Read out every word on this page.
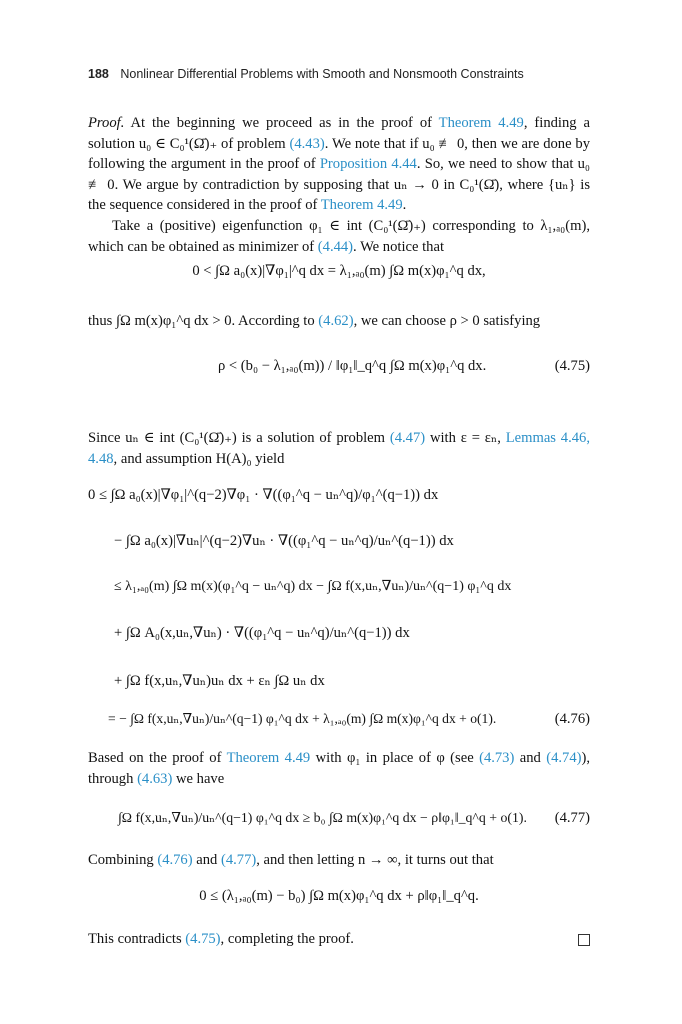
188 Nonlinear Differential Problems with Smooth and Nonsmooth Constraints

Proof. At the beginning we proceed as in the proof of Theorem 4.49, finding a solution u₀ ∈ C₀¹(Ω̄)₊ of problem (4.43). We note that if u₀ ≢ 0, then we are done by following the argument in the proof of Proposition 4.44. So, we need to show that u₀ ≢ 0. We argue by contradiction by supposing that uₙ → 0 in C₀¹(Ω̄), where {uₙ} is the sequence considered in the proof of Theorem 4.49.

Take a (positive) eigenfunction φ₁ ∈ int (C₀¹(Ω̄)₊) corresponding to λ₁,ₐ₀(m), which can be obtained as minimizer of (4.44). We notice that

0 < ∫Ω a₀(x)|∇φ₁|^q dx = λ₁,ₐ₀(m) ∫Ω m(x)φ₁^q dx,

thus ∫Ω m(x)φ₁^q dx > 0. According to (4.62), we can choose ρ > 0 satisfying

ρ < (b₀ − λ₁,ₐ₀(m)) / ‖φ₁‖_q^q ∫Ω m(x)φ₁^q dx.	(4.75)

Since uₙ ∈ int (C₀¹(Ω̄)₊) is a solution of problem (4.47) with ε = εₙ, Lemmas 4.46, 4.48, and assumption H(A)₀ yield

0 ≤ ∫Ω a₀(x)|∇φ₁|^(q−2)∇φ₁ · ∇((φ₁^q − uₙ^q)/φ₁^(q−1)) dx
− ∫Ω a₀(x)|∇uₙ|^(q−2)∇uₙ · ∇((φ₁^q − uₙ^q)/uₙ^(q−1)) dx
≤ λ₁,ₐ₀(m) ∫Ω m(x)(φ₁^q − uₙ^q) dx − ∫Ω f(x,uₙ,∇uₙ)/uₙ^(q−1) φ₁^q dx
+ ∫Ω A₀(x,uₙ,∇uₙ) · ∇((φ₁^q − uₙ^q)/uₙ^(q−1)) dx
+ ∫Ω f(x,uₙ,∇uₙ)uₙ dx + εₙ ∫Ω uₙ dx
= − ∫Ω f(x,uₙ,∇uₙ)/uₙ^(q−1) φ₁^q dx + λ₁,ₐ₀(m) ∫Ω m(x)φ₁^q dx + o(1).	(4.76)

Based on the proof of Theorem 4.49 with φ₁ in place of φ (see (4.73) and (4.74)), through (4.63) we have

∫Ω f(x,uₙ,∇uₙ)/uₙ^(q−1) φ₁^q dx ≥ b₀ ∫Ω m(x)φ₁^q dx − ρ‖φ₁‖_q^q + o(1). (4.77)

Combining (4.76) and (4.77), and then letting n → ∞, it turns out that

0 ≤ (λ₁,ₐ₀(m) − b₀) ∫Ω m(x)φ₁^q dx + ρ‖φ₁‖_q^q.

This contradicts (4.75), completing the proof.
